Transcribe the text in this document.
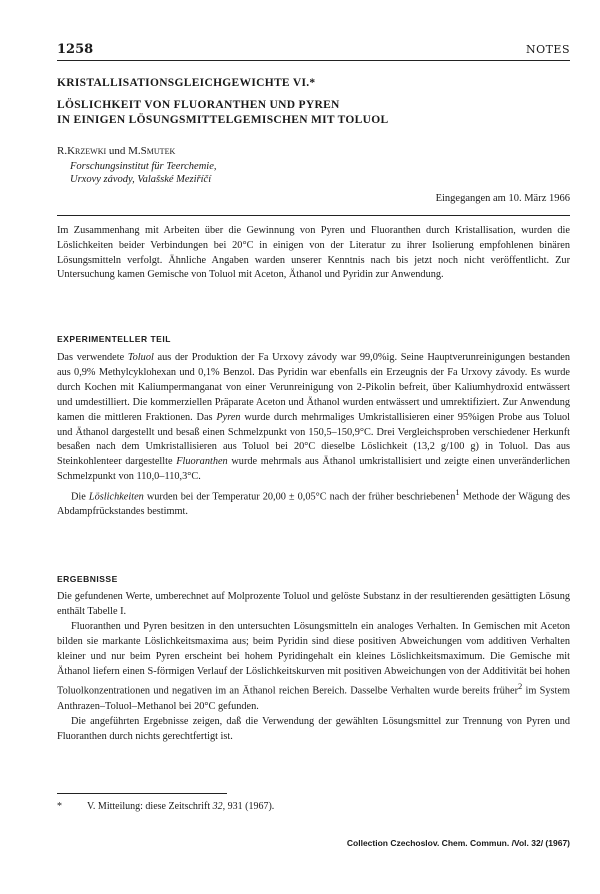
1258	NOTES
KRISTALLISATIONSGLEICHGEWICHTE VI.*
LÖSLICHKEIT VON FLUORANTHEN UND PYREN
IN EINIGEN LÖSUNGSMITTELGEMISCHEN MIT TOLUOL
R.Krzewki und M.Smutek
Forschungsinstitut für Teerchemie,
Urxovy závody, Valašské Meziříčí
Eingegangen am 10. März 1966
Im Zusammenhang mit Arbeiten über die Gewinnung von Pyren und Fluoranthen durch Kristallisation, wurden die Löslichkeiten beider Verbindungen bei 20°C in einigen von der Literatur zu ihrer Isolierung empfohlenen binären Lösungsmitteln verfolgt. Ähnliche Angaben warden unserer Kenntnis nach bis jetzt noch nicht veröffentlicht. Zur Untersuchung kamen Gemische von Toluol mit Aceton, Äthanol und Pyridin zur Anwendung.
EXPERIMENTELLER TEIL

Das verwendete Toluol aus der Produktion der Fa Urxovy závody war 99,0%ig. Seine Hauptverunreinigungen bestanden aus 0,9% Methylcyklohexan und 0,1% Benzol. Das Pyridin war ebenfalls ein Erzeugnis der Fa Urxovy závody. Es wurde durch Kochen mit Kaliumpermanganat von einer Verunreinigung von 2-Pikolin befreit, über Kaliumhydroxid entwässert und umdestilliert. Die kommerziellen Präparate Aceton und Äthanol wurden entwässert und umrektifiziert. Zur Anwendung kamen die mittleren Fraktionen. Das Pyren wurde durch mehrmaliges Umkristallisieren einer 95%igen Probe aus Toluol und Äthanol dargestellt und besaß einen Schmelzpunkt von 150,5–150,9°C. Drei Vergleichsproben verschiedener Herkunft besaßen nach dem Umkristallisieren aus Toluol bei 20°C dieselbe Löslichkeit (13,2 g/100 g) in Toluol. Das aus Steinkohlenteer dargestellte Fluoranthen wurde mehrmals aus Äthanol umkristallisiert und zeigte einen unveränderlichen Schmelzpunkt von 110,0–110,3°C.

Die Löslichkeiten wurden bei der Temperatur 20,00 ± 0,05°C nach der früher beschriebenen$^1$ Methode der Wägung des Abdampfrückstandes bestimmt.

ERGEBNISSE

Die gefundenen Werte, umberechnet auf Molprozente Toluol und gelöste Substanz in der resultierenden gesättigten Lösung enthält Tabelle I.

Fluoranthen und Pyren besitzen in den untersuchten Lösungsmitteln ein analoges Verhalten. In Gemischen mit Aceton bilden sie markante Löslichkeitsmaxima aus; beim Pyridin sind diese positiven Abweichungen vom additiven Verhalten kleiner und nur beim Pyren erscheint bei hohem Pyridingehalt ein kleines Löslichkeitsmaximum. Die Gemische mit Äthanol liefern einen S-förmigen Verlauf der Löslichkeitskurven mit positiven Abweichungen von der Additivität bei hohen Toluolkonzentrationen und negativen im an Äthanol reichen Bereich. Dasselbe Verhalten wurde bereits früher$^2$ im System Anthrazen–Toluol–Methanol bei 20°C gefunden.

Die angeführten Ergebnisse zeigen, daß die Verwendung der gewählten Lösungsmittel zur Trennung von Pyren und Fluoranthen durch nichts gerechtfertigt ist.

*	V. Mitteilung: diese Zeitschrift 32, 931 (1967).
Collection Czechoslov. Chem. Commun. /Vol. 32/ (1967)
